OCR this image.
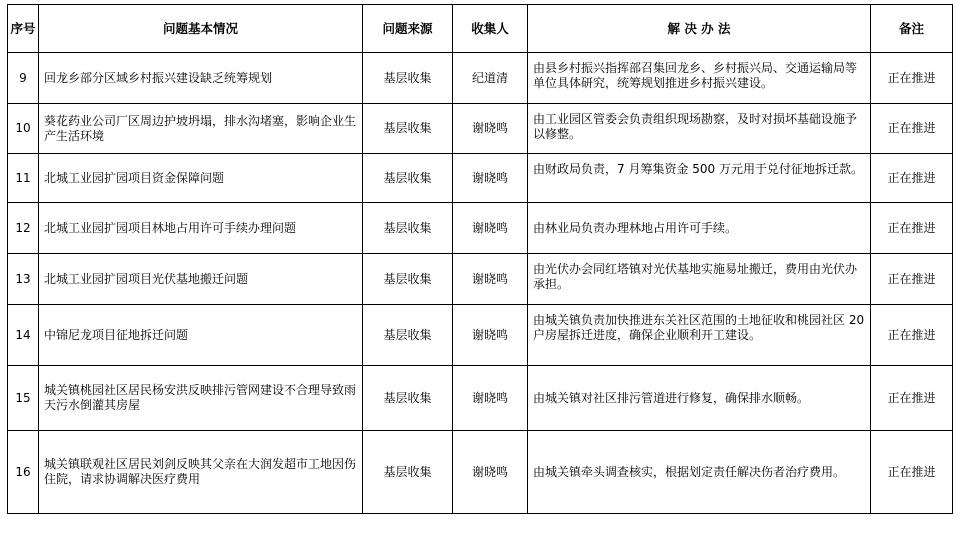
序号	问题基本情况	问题来源	收集人	解 决 办 法	备注
9	回龙乡部分区域乡村振兴建设缺乏统筹规划	基层收集	纪道清	由县乡村振兴指挥部召集回龙乡、乡村振兴局、交通运输局等单位具体研究，统筹规划推进乡村振兴建设。	正在推进
10	葵花药业公司厂区周边护坡坍塌，排水沟堵塞，影响企业生产生活环境	基层收集	谢晓鸣	由工业园区管委会负责组织现场勘察，及时对损坏基础设施予以修整。	正在推进
11	北城工业园扩园项目资金保障问题	基层收集	谢晓鸣	由财政局负责，7 月筹集资金 500 万元用于兑付征地拆迁款。	正在推进
12	北城工业园扩园项目林地占用许可手续办理问题	基层收集	谢晓鸣	由林业局负责办理林地占用许可手续。	正在推进
13	北城工业园扩园项目光伏基地搬迁问题	基层收集	谢晓鸣	由光伏办会同红塔镇对光伏基地实施易址搬迁，费用由光伏办承担。	正在推进
14	中锦尼龙项目征地拆迁问题	基层收集	谢晓鸣	由城关镇负责加快推进东关社区范围的土地征收和桃园社区 20 户房屋拆迁进度，确保企业顺利开工建设。	正在推进
15	城关镇桃园社区居民杨安洪反映排污管网建设不合理导致雨天污水倒灌其房屋	基层收集	谢晓鸣	由城关镇对社区排污管道进行修复，确保排水顺畅。	正在推进
16	城关镇联观社区居民刘剑反映其父亲在大润发超市工地因伤住院，请求协调解决医疗费用	基层收集	谢晓鸣	由城关镇牵头调查核实，根据划定责任解决伤者治疗费用。	正在推进
